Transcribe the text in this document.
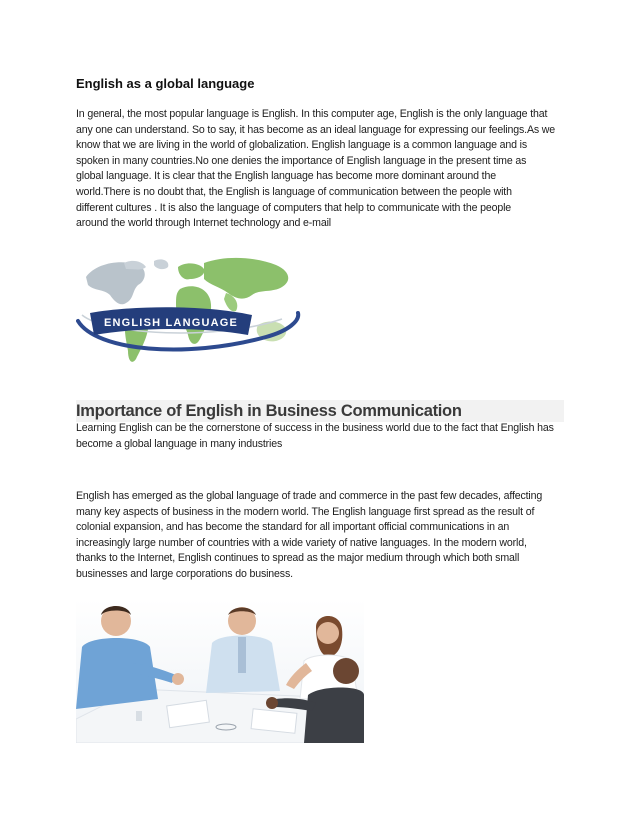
English as a global language
In general, the most popular language is English. In this computer age, English is the only language that
any one can understand. So to say, it has become as an ideal language for expressing our feelings.As we
know that we are living in the world of globalization. English language is a common language and is
spoken in many countries.No one denies the importance of English language in the present time as
global language. It is clear that the English language has become more dominant around the
world.There is no doubt that, the English is language of communication between the people with
different cultures . It is also the language of computers that help to communicate with the people
around the world through Internet technology and e-mail
ENGLISH LANGUAGE
Importance of English in Business Communication
Learning English can be the cornerstone of success in the business world due to the fact that English has
become a global language in many industries
English has emerged as the global language of trade and commerce in the past few decades, affecting
many key aspects of business in the modern world. The English language first spread as the result of
colonial expansion, and has become the standard for all important official communications in an
increasingly large number of countries with a wide variety of native languages. In the modern world,
thanks to the Internet, English continues to spread as the major medium through which both small
businesses and large corporations do business.
